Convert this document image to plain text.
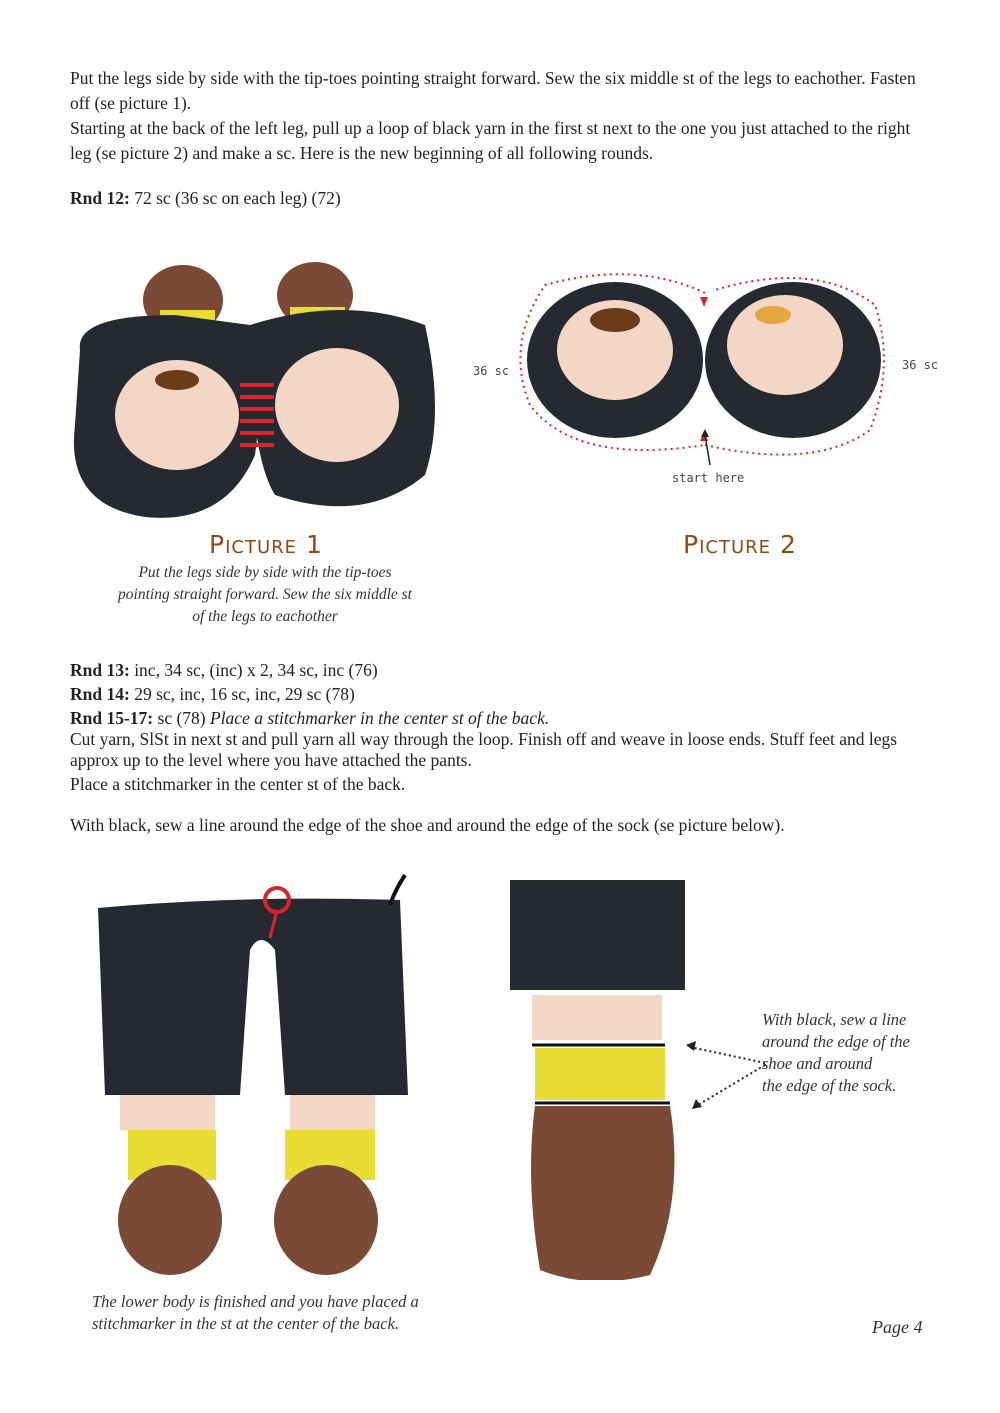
Put the legs side by side with the tip-toes pointing straight forward. Sew the six middle st of the legs to eachother. Fasten off (se picture 1).

Starting at the back of the left leg, pull up a loop of black yarn in the first st next to the one you just attached to the right leg (se picture 2) and make a sc. Here is the new beginning of all following rounds.

Rnd 12: 72 sc (36 sc on each leg) (72)

Picture 1
Put the legs side by side with the tip-toes
pointing straight forward. Sew the six middle st
of the legs to eachother
36 sc	36 sc
start here
Picture 2

Rnd 13: inc, 34 sc, (inc) x 2, 34 sc, inc (76)

Rnd 14: 29 sc, inc, 16 sc, inc, 29 sc (78)

Rnd 15-17: sc (78) Place a stitchmarker in the center st of the back.

Cut yarn, SlSt in next st and pull yarn all way through the loop. Finish off and weave in loose ends. Stuff feet and legs approx up to the level where you have attached the pants.

Place a stitchmarker in the center st of the back.

With black, sew a line around the edge of the shoe and around the edge of the sock (se picture below).

With black, sew a line
around the edge of the
shoe and around
the edge of the sock.
The lower body is finished and you have placed a
stitchmarker in the st at the center of the back.	Page 4
